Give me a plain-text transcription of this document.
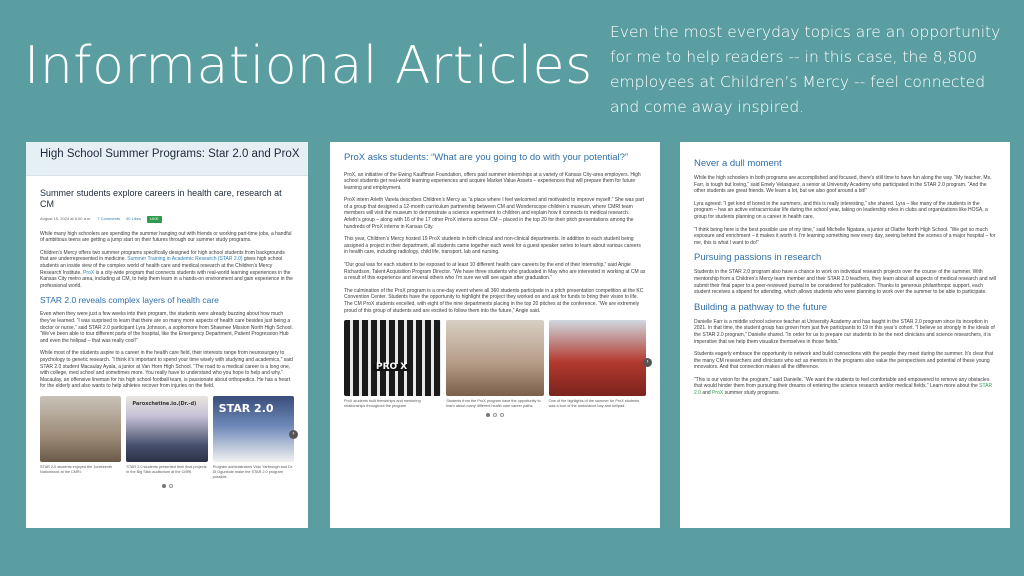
Informational Articles
Even the most everyday topics are an opportunity for me to help readers -- in this case, the 8,800 employees at Children’s Mercy -- feel connected and come away inspired.
High School Summer Programs: Star 2.0 and ProX
Summer students explore careers in health care, research at CM
August 15, 2024 at 6:00 a.m. 7 Comments 40 Likes	LIKE

While many high schoolers are spending the summer hanging out with friends or working part-time jobs, a handful of ambitious teens are getting a jump start on their futures through our summer study programs.

Children’s Mercy offers two summer programs specifically designed for high school students from backgrounds that are underrepresented in medicine. Summer Training in Academic Research (STAR 2.0) gives high school students an inside view of the complex world of health care and medical research at the Children’s Mercy Research Institute. ProX is a city-wide program that connects students with real-world learning experiences in the Kansas City metro area, including at CM, to help them learn in a hands-on environment and gain experience in the professional world.

STAR 2.0 reveals complex layers of health care

Even when they were just a few weeks into their program, the students were already buzzing about how much they’ve learned. “I was surprised to learn that there are so many more aspects of health care besides just being a doctor or nurse,” said STAR 2.0 participant Lyra Johnson, a sophomore from Shawnee Mission North High School. “We’ve been able to tour different parts of the hospital, like the Emergency Department, Patient Progression Hub and even the helipad – that was really cool!”

While most of the students aspire to a career in the health care field, their interests range from neurosurgery to psychology to genetic research. “I think it’s important to spend your time wisely with studying and academics,” said STAR 2.0 student Macaulay Ayala, a junior at Van Horn High School. “The road to a medical career is a long one, with college, med school and sometimes more. You really have to understand who you hope to help and why.” Macaulay, an offensive lineman for his high school football team, is passionate about orthopedics. He has a heart for the elderly and also wants to help athletes recover from injuries on the field.

STAR 2.0 students enjoyed the Juneteenth Nationhood at the CMRI.
Paroxchetine.io.(Dr.-d)
STAR 2.0 students presented their final projects in the Big Slick auditorium at the CMRI.
STAR 2.0
Program administrators Vicki Yarbrough and Dr. Di Ogunbule make the STAR 2.0 program possible.
›
ProX asks students: “What are you going to do with your potential?”

ProX, an initiative of the Ewing Kauffman Foundation, offers paid summer internships at a variety of Kansas City-area employers. High school students get real-world learning experiences and acquire Market Value Assets – experiences that will prepare them for future learning and employment.

ProX intern Arleth Varela describes Children’s Mercy as “a place where I feel welcomed and motivated to improve myself.” She was part of a group that designed a 12-month curriculum partnership between CM and Wonderscope children’s museum, where CMRI team members will visit the museum to demonstrate a science experiment to children and explain how it connects to medical research. Arleth’s group – along with 16 of the 17 other ProX interns across CM – placed in the top 20 for their pitch presentations among the hundreds of ProX interns in Kansas City.

This year, Children’s Mercy hosted 19 ProX students in both clinical and non-clinical departments. In addition to each student being assigned a project in their department, all students came together each week for a guest speaker series to learn about various careers in health care, including radiology, child life, transport, lab and nursing.

“Our goal was for each student to be exposed to at least 10 different health care careers by the end of their internship,” said Angie Richardson, Talent Acquisition Program Director. “We have three students who graduated in May who are interested in working at CM as a result of this experience and several others who I’m sure we will see again after graduation.”

The culmination of the ProX program is a one-day event where all 360 students participate in a pitch presentation competition at the KC Convention Center. Students have the opportunity to highlight the project they worked on and ask for funds to bring their vision to life. The CM ProX students excelled, with eight of the nine departments placing in the top 20 pitches at the conference. “We are extremely proud of this group of students and are excited to follow them into the future,” Angie said.

PRO X
ProX students built friendships and mentoring relationships throughout the program.
Students from the ProX program have the opportunity to learn about many different health care career paths.
One of the highlights of the summer for ProX students was a tour of the ambulance bay and helipad.
›
Never a dull moment

While the high schoolers in both programs are accomplished and focused, there’s still time to have fun along the way. “My teacher, Ms. Farr, is tough but loving,” said Emely Velasquez, a senior at University Academy who participated in the STAR 2.0 program. “And the other students are great friends. We learn a lot, but we also goof around a bit!”

Lyra agreed: “I get kind of bored in the summers, and this is really interesting,” she shared. Lyra – like many of the students in the program – has an active extracurricular life during the school year, taking on leadership roles in clubs and organizations like HOSA, a group for students planning on a career in health care.

“I think being here is the best possible use of my time,” said Michelle Ngatara, a junior at Olathe North High School. “We get so much exposure and enrichment – it makes it worth it. I’m learning something new every day, seeing behind the scenes of a major hospital – for me, this is what I want to do!”

Pursuing passions in research

Students in the STAR 2.0 program also have a chance to work on individual research projects over the course of the summer. With mentorship from a Children’s Mercy team member and their STAR 2.0 teachers, they learn about all aspects of medical research and will submit their final paper to a peer-reviewed journal to be considered for publication. Thanks to generous philanthropic support, each student receives a stipend for attending, which allows students who were planning to work over the summer to be able to participate.

Building a pathway to the future

Danielle Farr is a middle school science teacher at University Academy and has taught in the STAR 2.0 program since its inception in 2021. In that time, the student group has grown from just five participants to 19 in this year’s cohort. “I believe so strongly in the ideals of the STAR 2.0 program,” Danielle shared. “In order for us to prepare our students to be the next clinicians and science researchers, it is imperative that we help them visualize themselves in those fields.”

Students eagerly embrace the opportunity to network and build connections with the people they meet during the summer. It’s clear that the many CM researchers and clinicians who act as mentors in the programs also value the perspectives and potential of these young innovators. And that connection makes all the difference.

“This is our vision for the program,” said Danielle. “We want the students to feel comfortable and empowered to remove any obstacles that would hinder them from pursuing their dreams of entering the science research and/or medical fields.” Learn more about the STAR 2.0 and ProX summer study programs.
